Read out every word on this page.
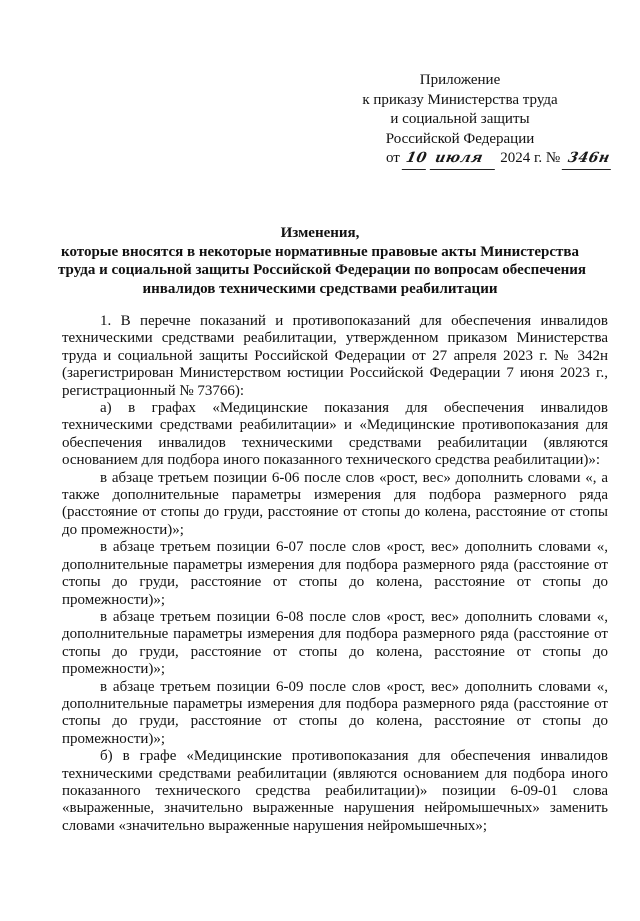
Приложение
к приказу Министерства труда
и социальной защиты
Российской Федерации
от 10 июля 2024 г. № 346н
Изменения,
которые вносятся в некоторые нормативные правовые акты Министерства
труда и социальной защиты Российской Федерации по вопросам обеспечения
инвалидов техническими средствами реабилитации

1. В перечне показаний и противопоказаний для обеспечения инвалидов техническими средствами реабилитации, утвержденном приказом Министерства труда и социальной защиты Российской Федерации от 27 апреля 2023 г. № 342н (зарегистрирован Министерством юстиции Российской Федерации 7 июня 2023 г., регистрационный № 73766):

а) в графах «Медицинские показания для обеспечения инвалидов техническими средствами реабилитации» и «Медицинские противопоказания для обеспечения инвалидов техническими средствами реабилитации (являются основанием для подбора иного показанного технического средства реабилитации)»:

в абзаце третьем позиции 6-06 после слов «рост, вес» дополнить словами «, а также дополнительные параметры измерения для подбора размерного ряда (расстояние от стопы до груди, расстояние от стопы до колена, расстояние от стопы до промежности)»;

в абзаце третьем позиции 6-07 после слов «рост, вес» дополнить словами «, дополнительные параметры измерения для подбора размерного ряда (расстояние от стопы до груди, расстояние от стопы до колена, расстояние от стопы до промежности)»;

в абзаце третьем позиции 6-08 после слов «рост, вес» дополнить словами «, дополнительные параметры измерения для подбора размерного ряда (расстояние от стопы до груди, расстояние от стопы до колена, расстояние от стопы до промежности)»;

в абзаце третьем позиции 6-09 после слов «рост, вес» дополнить словами «, дополнительные параметры измерения для подбора размерного ряда (расстояние от стопы до груди, расстояние от стопы до колена, расстояние от стопы до промежности)»;

б) в графе «Медицинские противопоказания для обеспечения инвалидов техническими средствами реабилитации (являются основанием для подбора иного показанного технического средства реабилитации)» позиции 6-09-01 слова «выраженные, значительно выраженные нарушения нейромышечных» заменить словами «значительно выраженные нарушения нейромышечных»;
